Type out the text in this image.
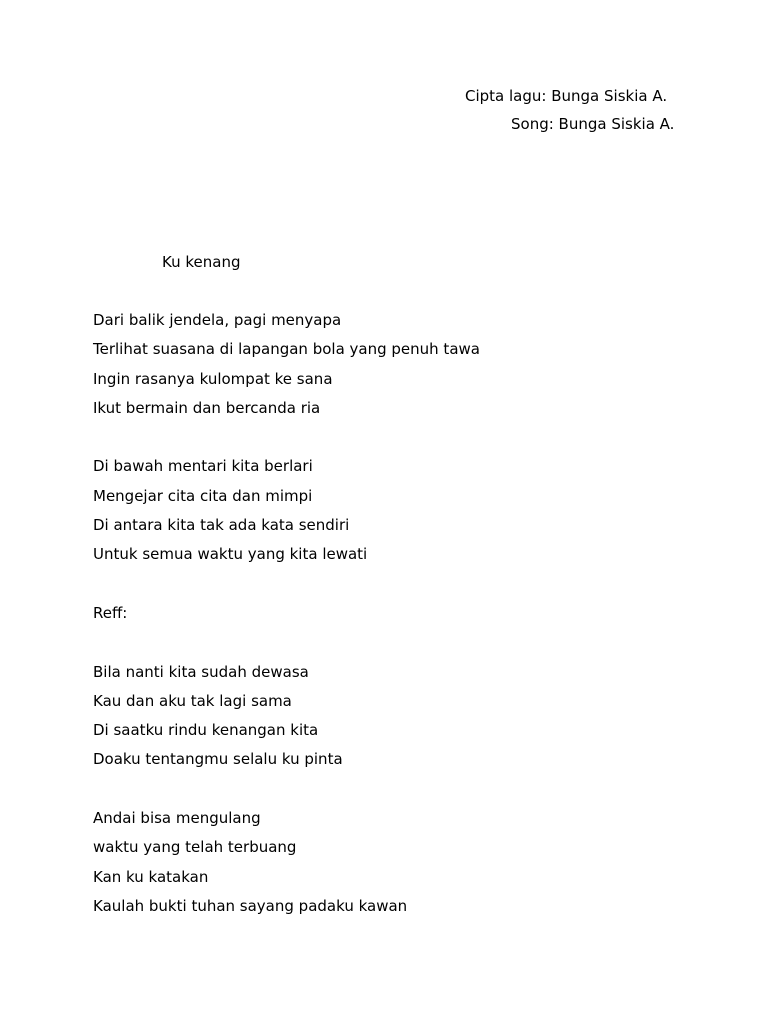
Cipta lagu: Bunga Siskia A.
Song: Bunga Siskia A.
Ku kenang
Dari balik jendela, pagi menyapa
Terlihat suasana di lapangan bola yang penuh tawa
Ingin rasanya kulompat ke sana
Ikut bermain dan bercanda ria
Di bawah mentari kita berlari
Mengejar cita cita dan mimpi
Di antara kita tak ada kata sendiri
Untuk semua waktu yang kita lewati
Reff:
Bila nanti kita sudah dewasa
Kau dan aku tak lagi sama
Di saatku rindu kenangan kita
Doaku tentangmu selalu ku pinta
Andai bisa mengulang
waktu yang telah terbuang
Kan ku katakan
Kaulah bukti tuhan sayang padaku kawan
